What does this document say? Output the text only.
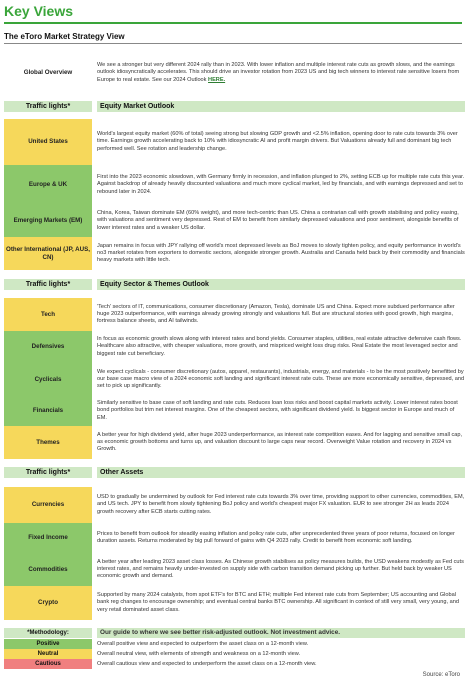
Key Views
The eToro Market Strategy View
Global Overview
We see a stronger but very different 2024 rally than in 2023. With lower inflation and multiple interest rate cuts as growth slows, and the earnings outlook idiosyncratically accelerates. This should drive an investor rotation from 2023 US and big tech winners to interest rate sensitive losers from Europe to real estate. See our 2024 Outlook HERE.
Traffic lights*	Equity Market Outlook
United States
World's largest equity market (60% of total) seeing strong but slowing GDP growth and <2.5% inflation, opening door to rate cuts towards 3% over time. Earnings growth accelerating back to 10% with idiosyncratic AI and profit margin drivers. But Valuations already full and dominant big tech performed well. See rotation and leadership change.
Europe & UK
First into the 2023 economic slowdown, with Germany firmly in recession, and inflation plunged to 2%, setting ECB up for multiple rate cuts this year. Against backdrop of already heavily discounted valuations and much more cyclical market, led by financials, and with earnings depressed and set to rebound later in 2024.
Emerging Markets (EM)
China, Korea, Taiwan dominate EM (60% weight), and more tech-centric than US. China a contrarian call with growth stabilising and policy easing, with valuations and sentiment very depressed. Rest of EM to benefit from similarly depressed valuations and poor sentiment, alongside benefits of lower interest rates and a weaker US dollar.
Other International (JP, AUS, CN)
Japan remains in focus with JPY rallying off world's most depressed levels as BoJ moves to slowly tighten policy, and equity performance in world's no3 market rotates from exporters to domestic sectors, alongside stronger growth. Australia and Canada held back by their commodity and financials heavy markets with little tech.
Traffic lights*	Equity Sector & Themes Outlook
Tech
'Tech' sectors of IT, communications, consumer discretionary (Amazon, Tesla), dominate US and China. Expect more subdued performance after huge 2023 outperformance, with earnings already growing strongly and valuations full. But are structural stories with good growth, high margins, fortress balance sheets, and AI tailwinds.
Defensives
In focus as economic growth slows along with interest rates and bond yields. Consumer staples, utilities, real estate attractive defensive cash flows. Healthcare also attractive, with cheaper valuations, more growth, and mispriced weight loss drug risks. Real Estate the most leveraged sector and biggest rate cut beneficiary.
Cyclicals
We expect cyclicals - consumer discretionary (autos, apparel, restaurants), industrials, energy, and materials - to be the most positively benefitted by our base case macro view of a 2024 economic soft landing and significant interest rate cuts. These are more economically sensitive, depressed, and set to pick up significantly.
Financials
Similarly sensitive to base case of soft landing and rate cuts. Reduces loan loss risks and boost capital markets activity. Lower interest rates boost bond portfolios but trim net interest margins. One of the cheapest sectors, with significant dividend yield. Is biggest sector in Europe and much of EM.
Themes
A better year for high dividend yield, after huge 2023 underperformance, as interest rate competition eases. And for lagging and sensitive small cap, as economic growth bottoms and turns up, and valuation discount to large caps near record. Overweight Value rotation and recovery in 2024 vs Growth.
Traffic lights*	Other Assets
Currencies
USD to gradually be undermined by outlook for Fed interest rate cuts towards 3% over time, providing support to other currencies, commodities, EM, and US tech. JPY to benefit from slowly tightening BoJ policy and world's cheapest major FX valuation. EUR to see stronger 2H as leads 2024 growth recovery after ECB starts cutting rates.
Fixed Income
Prices to benefit from outlook for steadily easing inflation and policy rate cuts, after unprecedented three years of poor returns, focused on longer duration assets. Returns moderated by big pull forward of gains with Q4 2023 rally. Credit to benefit from economic soft landing.
Commodities
A better year after leading 2023 asset class losses. As Chinese growth stabilises as policy measures builds, the USD weakens modestly as Fed cuts interest rates, and remains heavily under-invested on supply side with carbon transition demand picking up further. But held back by weaker US economic growth and demand.
Crypto
Supported by many 2024 catalysts, from spot ETF's for BTC and ETH; multiple Fed interest rate cuts from September; US accounting and Global bank reg changes to encourage ownership; and eventual central banks BTC ownership. All significant in context of still very small, very young, and very retail dominated asset class.
*Methodology:	Our guide to where we see better risk-adjusted outlook. Not investment advice.
Positive	Overall positive view and expected to outperform the asset class on a 12-month view.
Neutral	Overall neutral view, with elements of strength and weakness on a 12-month view.
Cautious	Overall cautious view and expected to underperform the asset class on a 12-month view.
Source: eToro
